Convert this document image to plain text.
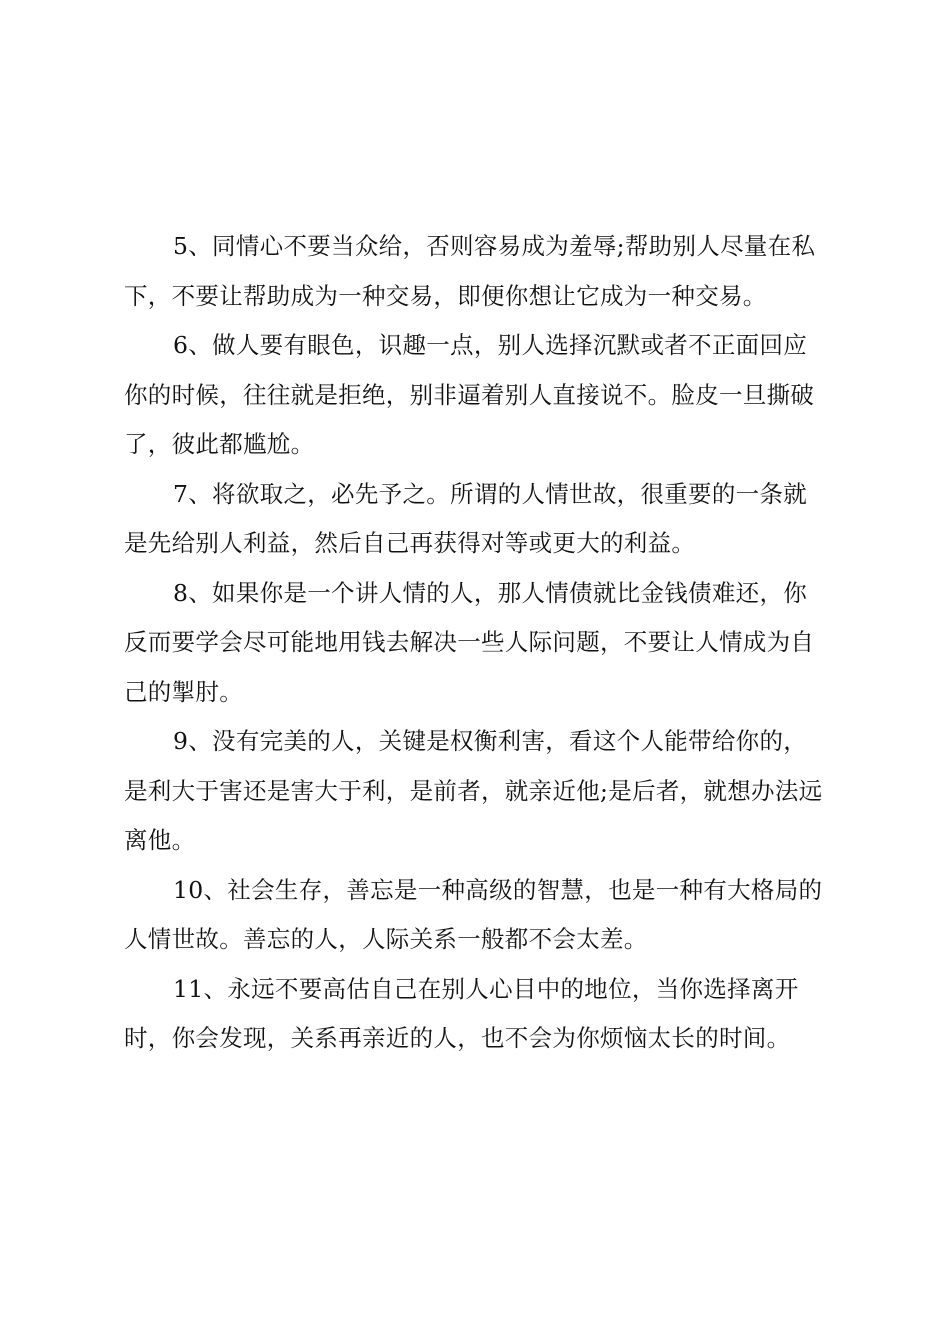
5、同情心不要当众给，否则容易成为羞辱;帮助别人尽量在私下，不要让帮助成为一种交易，即便你想让它成为一种交易。

6、做人要有眼色，识趣一点，别人选择沉默或者不正面回应你的时候，往往就是拒绝，别非逼着别人直接说不。脸皮一旦撕破了，彼此都尴尬。

7、将欲取之，必先予之。所谓的人情世故，很重要的一条就是先给别人利益，然后自己再获得对等或更大的利益。

8、如果你是一个讲人情的人，那人情债就比金钱债难还，你反而要学会尽可能地用钱去解决一些人际问题，不要让人情成为自己的掣肘。

9、没有完美的人，关键是权衡利害，看这个人能带给你的，是利大于害还是害大于利，是前者，就亲近他;是后者，就想办法远离他。

10、社会生存，善忘是一种高级的智慧，也是一种有大格局的人情世故。善忘的人，人际关系一般都不会太差。

11、永远不要高估自己在别人心目中的地位，当你选择离开时，你会发现，关系再亲近的人，也不会为你烦恼太长的时间。
